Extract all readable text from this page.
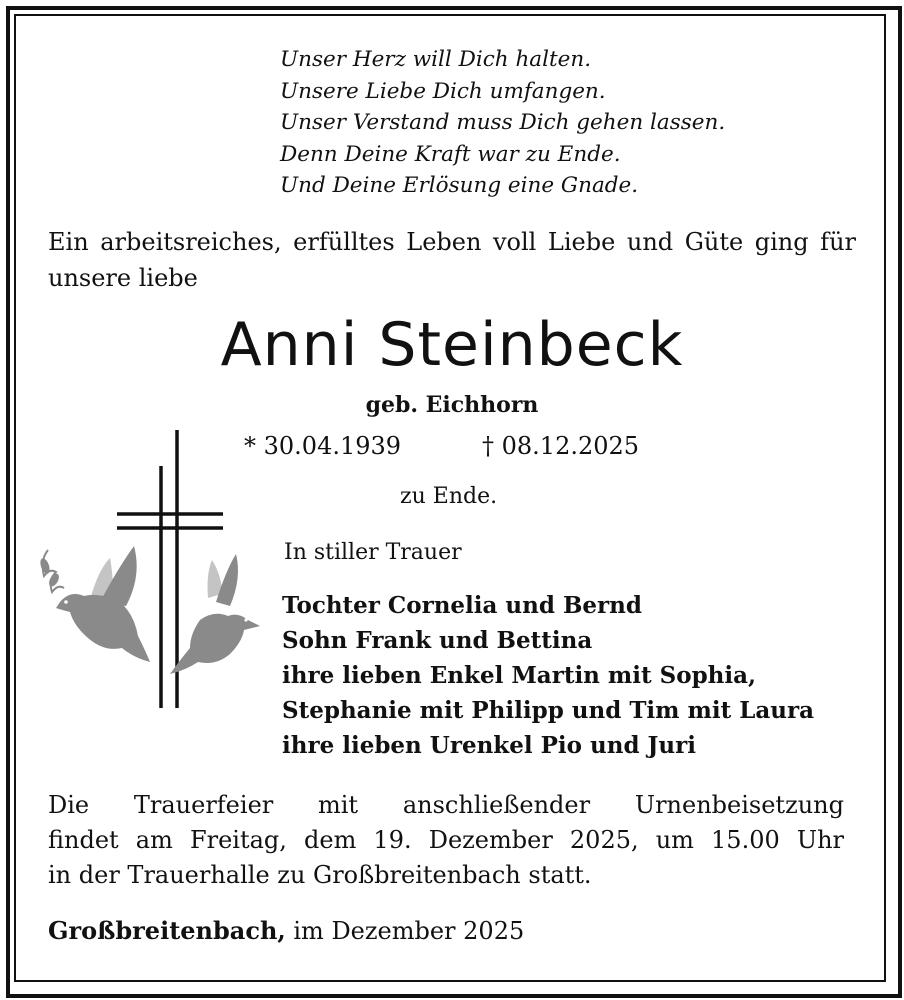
Unser Herz will Dich halten.
Unsere Liebe Dich umfangen.
Unser Verstand muss Dich gehen lassen.
Denn Deine Kraft war zu Ende.
Und Deine Erlösung eine Gnade.
Ein arbeitsreiches, erfülltes Leben voll Liebe und Güte ging für unsere liebe
Anni Steinbeck
geb. Eichhorn
* 30.04.1939	† 08.12.2025
zu Ende.
In stiller Trauer
Tochter Cornelia und Bernd
Sohn Frank und Bettina
ihre lieben Enkel Martin mit Sophia,
Stephanie mit Philipp und Tim mit Laura
ihre lieben Urenkel Pio und Juri
Die Trauerfeier mit anschließender Urnenbeisetzung
findet am Freitag, dem 19. Dezember 2025, um 15.00 Uhr
in der Trauerhalle zu Großbreitenbach statt.
Großbreitenbach, im Dezember 2025
